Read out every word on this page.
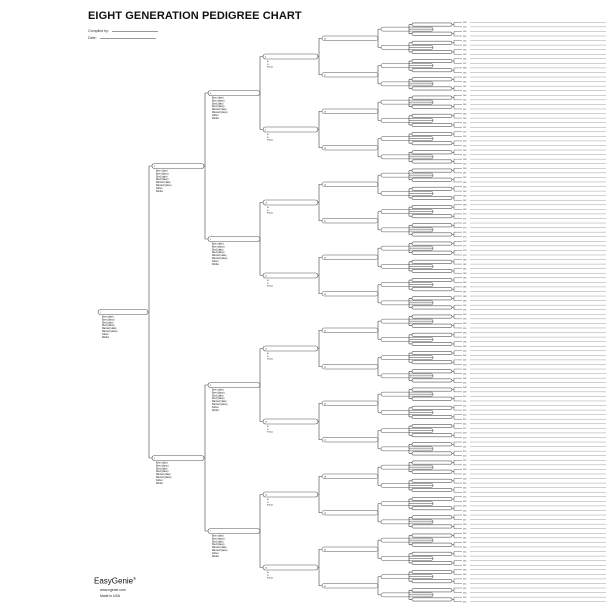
EIGHT GENERATION PEDIGREE CHART
Compiled by:
Date:
1
Born (date)
Born (place)
Died (date)
Died (place)
Married (date)
Married (place)
Father
Mother
2
Born (date)
Born (place)
Died (date)
Died (place)
Married (date)
Married (place)
Father
Mother
3
Born (date)
Born (place)
Died (date)
Died (place)
Married (date)
Married (place)
Father
Mother
4
Born (date)
Born (place)
Died (date)
Died (place)
Married (date)
Married (place)
Father
Mother
5
Born (date)
Born (place)
Died (date)
Died (place)
Married (date)
Married (place)
Father
Mother
6
Born (date)
Born (place)
Died (date)
Died (place)
Married (date)
Married (place)
Father
Mother
7
Born (date)
Born (place)
Died (date)
Died (place)
Married (date)
Married (place)
Father
Mother
8
B.
D.
Father
9
B.
D.
Father
10
B.
D.
Father
11
B.
D.
Father
12
B.
D.
Father
13
B.
D.
Father
14
B.
D.
Father
15
B.
D.
Father
16
17
18
19
20
21
22
23
24
25
26
27
28
29
30
31
128
129
130
131
132
133
134
135
136
137
138
139
140
141
142
143
144
145
146
147
148
149
150
151
152
153
154
155
156
157
158
159
160
161
162
163
164
165
166
167
168
169
170
171
172
173
174
175
176
177
178
179
180
181
182
183
184
185
186
187
188
189
190
191
192
193
194
195
196
197
198
199
200
201
202
203
204
205
206
207
208
209
210
211
212
213
214
215
216
217
218
219
220
221
222
223
224
225
226
227
228
229
230
231
232
233
234
235
236
237
238
239
240
241
242
243
244
245
246
247
248
249
250
251
252
253
254
255
EasyGenie®
www.egenie.com
Made in USA
